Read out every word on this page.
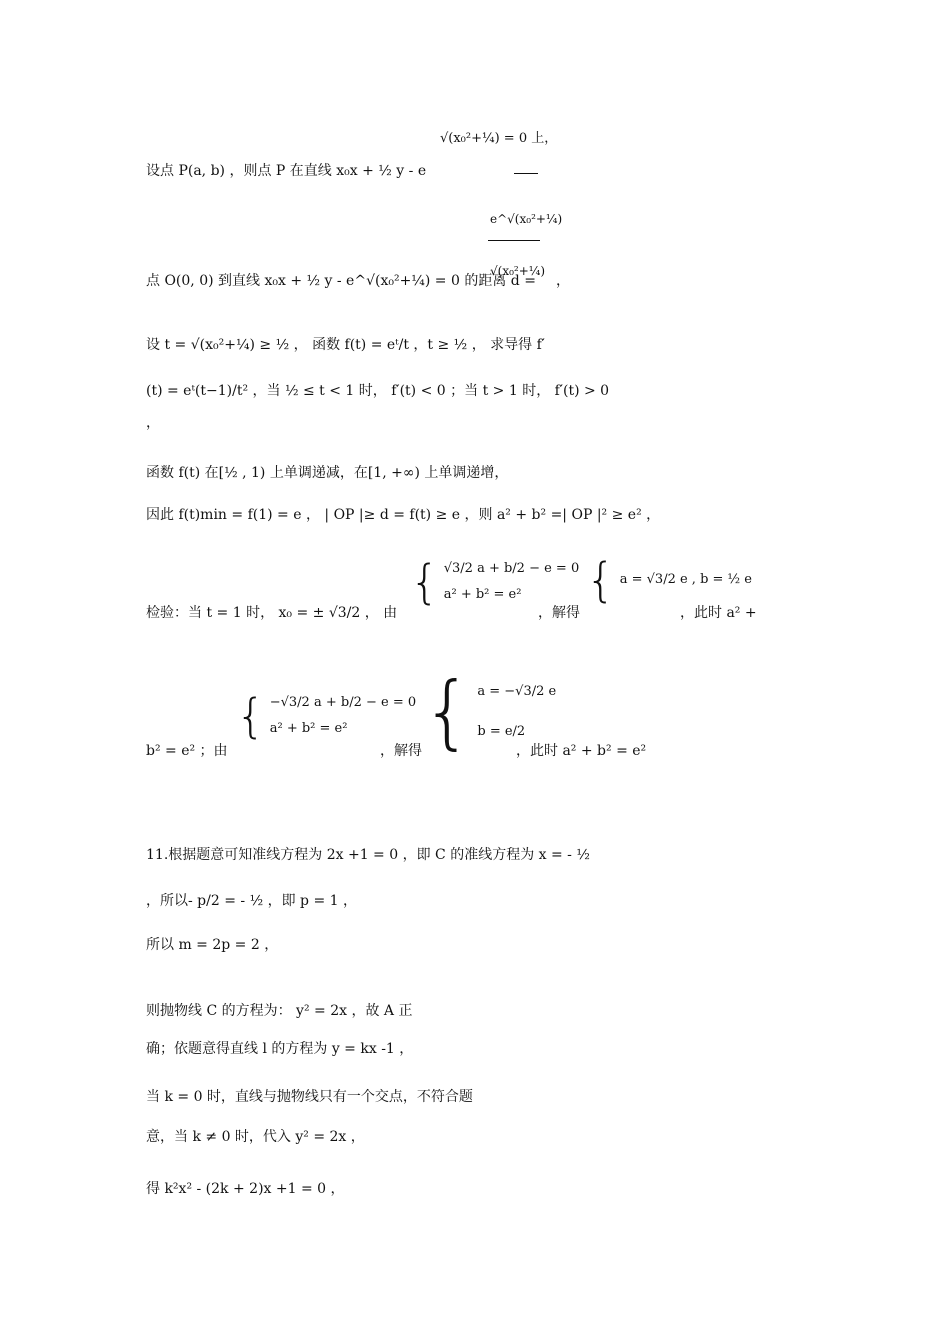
√(x₀²+¼) = 0 上，
设点 P(a, b) ，则点 P 在直线 x₀x + ½ y - e
e^√(x₀²+¼)
点 O(0, 0) 到直线 x₀x + ½ y - e^√(x₀²+¼) = 0 的距离 d =
√(x₀²+¼)
，
设 t = √(x₀²+¼) ≥ ½ ， 函数 f(t) = eᵗ/t ，t ≥ ½ ， 求导得 f′
(t) = eᵗ(t−1)/t² ，当 ½ ≤ t < 1 时， f′(t) < 0 ；当 t > 1 时， f′(t) > 0
，
函数 f(t) 在[½ , 1) 上单调递减，在[1, +∞) 上单调递增，
因此 f(t)min = f(1) = e ， | OP |≥ d = f(t) ≥ e ，则 a² + b² =| OP |² ≥ e² ，
检验：当 t = 1 时， x₀ = ± √3/2 ， 由
{ √3/2 a + b/2 − e = 0
a² + b² = e²
，解得
{ a = √3/2 e , b = ½ e
，此时 a² +
b² = e² ；由
{ −√3/2 a + b/2 − e = 0
a² + b² = e²
，解得 { a = −√3/2 e
b = e/2
，此时 a² + b² = e²
11.根据题意可知准线方程为 2x +1 = 0 ，即 C 的准线方程为 x = - ½
，所以- p/2 = - ½ ，即 p = 1 ，
所以 m = 2p = 2 ，
则抛物线 C 的方程为： y² = 2x ，故 A 正
确；依题意得直线 l 的方程为 y = kx -1 ，
当 k = 0 时，直线与抛物线只有一个交点，不符合题
意，当 k ≠ 0 时，代入 y² = 2x ，
得 k²x² - (2k + 2)x +1 = 0 ，
